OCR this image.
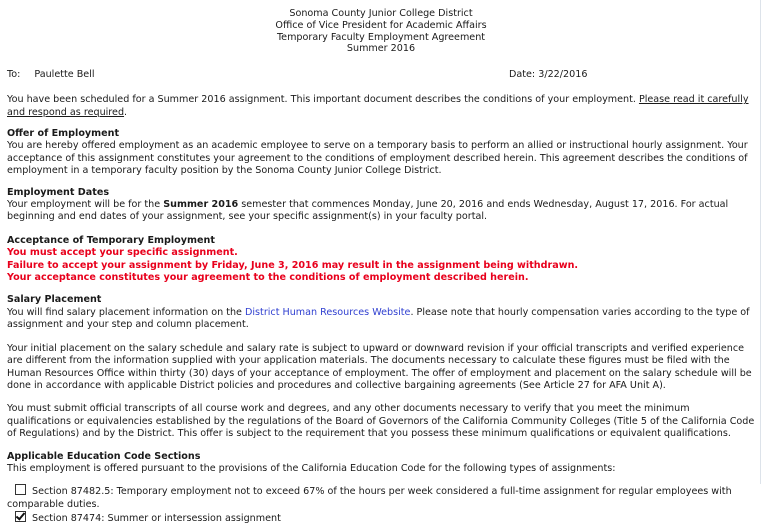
Sonoma County Junior College District
Office of Vice President for Academic Affairs
Temporary Faculty Employment Agreement
Summer 2016
To: Paulette Bell	Date: 3/22/2016

You have been scheduled for a Summer 2016 assignment. This important document describes the conditions of your employment. Please read it carefully and respond as required.

Offer of Employment

You are hereby offered employment as an academic employee to serve on a temporary basis to perform an allied or instructional hourly assignment. Your acceptance of this assignment constitutes your agreement to the conditions of employment described herein. This agreement describes the conditions of employment in a temporary faculty position by the Sonoma County Junior College District.

Employment Dates

Your employment will be for the Summer 2016 semester that commences Monday, June 20, 2016 and ends Wednesday, August 17, 2016. For actual beginning and end dates of your assignment, see your specific assignment(s) in your faculty portal.

Acceptance of Temporary Employment
You must accept your specific assignment.
Failure to accept your assignment by Friday, June 3, 2016 may result in the assignment being withdrawn.
Your acceptance constitutes your agreement to the conditions of employment described herein.
Salary Placement

You will find salary placement information on the District Human Resources Website. Please note that hourly compensation varies according to the type of assignment and your step and column placement.

Your initial placement on the salary schedule and salary rate is subject to upward or downward revision if your official transcripts and verified experience are different from the information supplied with your application materials. The documents necessary to calculate these figures must be filed with the Human Resources Office within thirty (30) days of your acceptance of employment. The offer of employment and placement on the salary schedule will be done in accordance with applicable District policies and procedures and collective bargaining agreements (See Article 27 for AFA Unit A).

You must submit official transcripts of all course work and degrees, and any other documents necessary to verify that you meet the minimum qualifications or equivalencies established by the regulations of the Board of Governors of the California Community Colleges (Title 5 of the California Code of Regulations) and by the District. This offer is subject to the requirement that you possess these minimum qualifications or equivalent qualifications.

Applicable Education Code Sections

This employment is offered pursuant to the provisions of the California Education Code for the following types of assignments:

Section 87482.5: Temporary employment not to exceed 67% of the hours per week considered a full-time assignment for regular employees with comparable duties.
Section 87474: Summer or intersession assignment
